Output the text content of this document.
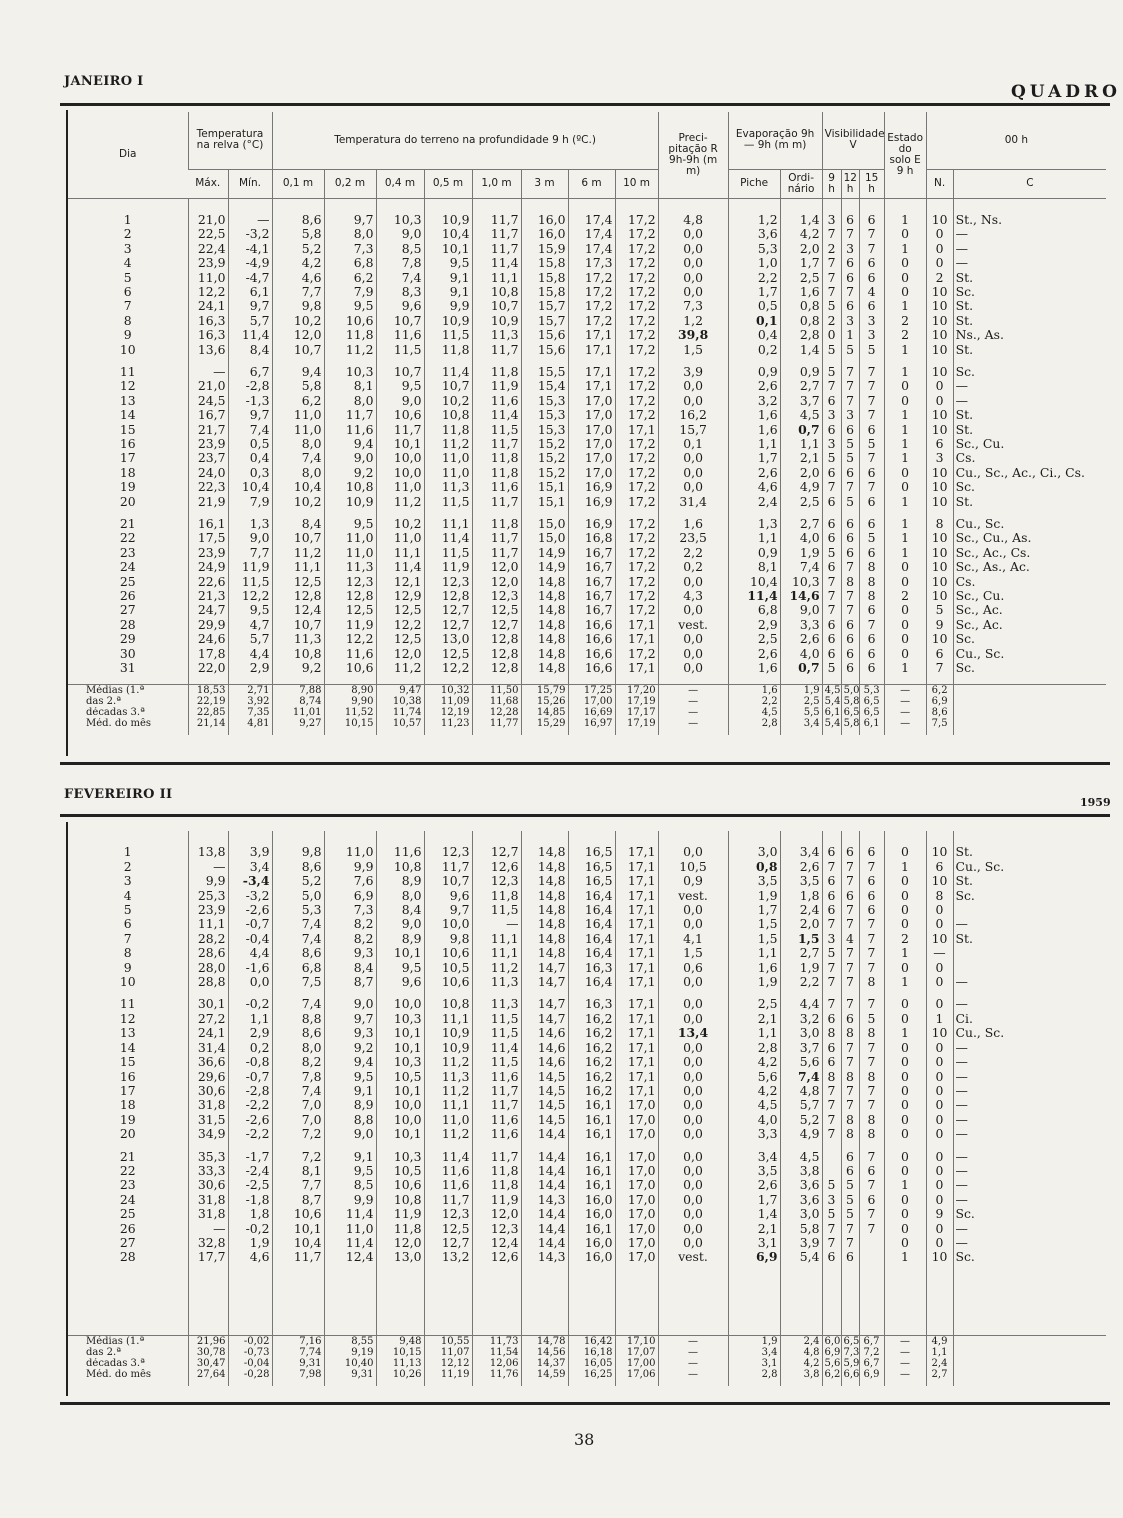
JANEIRO I
QUADRO
Dia	Temperatura na relva (°C)		Temperatura do terreno na profundidade 9 h (ºC.)								Preci- pitação R 9h-9h (m m)	Evaporação 9h — 9h (m m)		Visibilidade V			Estado do solo E 9 h	00 h	
	Máx.	Mín.	0,1 m	0,2 m	0,4 m	0,5 m	1,0 m	3 m	6 m	10 m		Piche	Ordi- nário	9 h	12 h	15 h		N.	C

1	21,0	—	8,6	9,7	10,3	10,9	11,7	16,0	17,4	17,2	4,8	1,2	1,4	3	6	6	1	10	St., Ns.
2	22,5	-3,2	5,8	8,0	9,0	10,4	11,7	16,0	17,4	17,2	0,0	3,6	4,2	7	7	7	0	0	—
3	22,4	-4,1	5,2	7,3	8,5	10,1	11,7	15,9	17,4	17,2	0,0	5,3	2,0	2	3	7	1	0	—
4	23,9	-4,9	4,2	6,8	7,8	9,5	11,4	15,8	17,3	17,2	0,0	1,0	1,7	7	6	6	0	0	—
5	11,0	-4,7	4,6	6,2	7,4	9,1	11,1	15,8	17,2	17,2	0,0	2,2	2,5	7	6	6	0	2	St.
6	12,2	6,1	7,7	7,9	8,3	9,1	10,8	15,8	17,2	17,2	0,0	1,7	1,6	7	7	4	0	10	Sc.
7	24,1	9,7	9,8	9,5	9,6	9,9	10,7	15,7	17,2	17,2	7,3	0,5	0,8	5	6	6	1	10	St.
8	16,3	5,7	10,2	10,6	10,7	10,9	10,9	15,7	17,2	17,2	1,2	0,1	0,8	2	3	3	2	10	St.
9	16,3	11,4	12,0	11,8	11,6	11,5	11,3	15,6	17,1	17,2	39,8	0,4	2,8	0	1	3	2	10	Ns., As.
10	13,6	8,4	10,7	11,2	11,5	11,8	11,7	15,6	17,1	17,2	1,5	0,2	1,4	5	5	5	1	10	St.

11	—	6,7	9,4	10,3	10,7	11,4	11,8	15,5	17,1	17,2	3,9	0,9	0,9	5	7	7	1	10	Sc.
12	21,0	-2,8	5,8	8,1	9,5	10,7	11,9	15,4	17,1	17,2	0,0	2,6	2,7	7	7	7	0	0	—
13	24,5	-1,3	6,2	8,0	9,0	10,2	11,6	15,3	17,0	17,2	0,0	3,2	3,7	6	7	7	0	0	—
14	16,7	9,7	11,0	11,7	10,6	10,8	11,4	15,3	17,0	17,2	16,2	1,6	4,5	3	3	7	1	10	St.
15	21,7	7,4	11,0	11,6	11,7	11,8	11,5	15,3	17,0	17,1	15,7	1,6	0,7	6	6	6	1	10	St.
16	23,9	0,5	8,0	9,4	10,1	11,2	11,7	15,2	17,0	17,2	0,1	1,1	1,1	3	5	5	1	6	Sc., Cu.
17	23,7	0,4	7,4	9,0	10,0	11,0	11,8	15,2	17,0	17,2	0,0	1,7	2,1	5	5	7	1	3	Cs.
18	24,0	0,3	8,0	9,2	10,0	11,0	11,8	15,2	17,0	17,2	0,0	2,6	2,0	6	6	6	0	10	Cu., Sc., Ac., Ci., Cs.
19	22,3	10,4	10,4	10,8	11,0	11,3	11,6	15,1	16,9	17,2	0,0	4,6	4,9	7	7	7	0	10	Sc.
20	21,9	7,9	10,2	10,9	11,2	11,5	11,7	15,1	16,9	17,2	31,4	2,4	2,5	6	5	6	1	10	St.

21	16,1	1,3	8,4	9,5	10,2	11,1	11,8	15,0	16,9	17,2	1,6	1,3	2,7	6	6	6	1	8	Cu., Sc.
22	17,5	9,0	10,7	11,0	11,0	11,4	11,7	15,0	16,8	17,2	23,5	1,1	4,0	6	6	5	1	10	Sc., Cu., As.
23	23,9	7,7	11,2	11,0	11,1	11,5	11,7	14,9	16,7	17,2	2,2	0,9	1,9	5	6	6	1	10	Sc., Ac., Cs.
24	24,9	11,9	11,1	11,3	11,4	11,9	12,0	14,9	16,7	17,2	0,2	8,1	7,4	6	7	8	0	10	Sc., As., Ac.
25	22,6	11,5	12,5	12,3	12,1	12,3	12,0	14,8	16,7	17,2	0,0	10,4	10,3	7	8	8	0	10	Cs.
26	21,3	12,2	12,8	12,8	12,9	12,8	12,3	14,8	16,7	17,2	4,3	11,4	14,6	7	7	8	2	10	Sc., Cu.
27	24,7	9,5	12,4	12,5	12,5	12,7	12,5	14,8	16,7	17,2	0,0	6,8	9,0	7	7	6	0	5	Sc., Ac.
28	29,9	4,7	10,7	11,9	12,2	12,7	12,7	14,8	16,6	17,1	vest.	2,9	3,3	6	6	7	0	9	Sc., Ac.
29	24,6	5,7	11,3	12,2	12,5	13,0	12,8	14,8	16,6	17,1	0,0	2,5	2,6	6	6	6	0	10	Sc.
30	17,8	4,4	10,8	11,6	12,0	12,5	12,8	14,8	16,6	17,2	0,0	2,6	4,0	6	6	6	0	6	Cu., Sc.
31	22,0	2,9	9,2	10,6	11,2	12,2	12,8	14,8	16,6	17,1	0,0	1,6	0,7	5	6	6	1	7	Sc.

Médias (1.ª	18,53	2,71	7,88	8,90	9,47	10,32	11,50	15,79	17,25	17,20	—	1,6	1,9	4,5	5,0	5,3	—	6,2	
das 2.ª	22,19	3,92	8,74	9,90	10,38	11,09	11,68	15,26	17,00	17,19	—	2,2	2,5	5,4	5,8	6,5	—	6,9	
décadas 3.ª	22,85	7,35	11,01	11,52	11,74	12,19	12,28	14,85	16,69	17,17	—	4,5	5,5	6,1	6,5	6,5	—	8,6	
Méd. do mês	21,14	4,81	9,27	10,15	10,57	11,23	11,77	15,29	16,97	17,19	—	2,8	3,4	5,4	5,8	6,1	—	7,5	

FEVEREIRO II
1959

1	13,8	3,9	9,8	11,0	11,6	12,3	12,7	14,8	16,5	17,1	0,0	3,0	3,4	6	6	6	0	10	St.
2	—	3,4	8,6	9,9	10,8	11,7	12,6	14,8	16,5	17,1	10,5	0,8	2,6	7	7	7	1	6	Cu., Sc.
3	9,9	-3,4	5,2	7,6	8,9	10,7	12,3	14,8	16,5	17,1	0,9	3,5	3,5	6	7	6	0	10	St.
4	25,3	-3,2	5,0	6,9	8,0	9,6	11,8	14,8	16,4	17,1	vest.	1,9	1,8	6	6	6	0	8	Sc.
5	23,9	-2,6	5,3	7,3	8,4	9,7	11,5	14,8	16,4	17,1	0,0	1,7	2,4	6	7	6	0	0	
6	11,1	-0,7	7,4	8,2	9,0	10,0	—	14,8	16,4	17,1	0,0	1,5	2,0	7	7	7	0	0	—
7	28,2	-0,4	7,4	8,2	8,9	9,8	11,1	14,8	16,4	17,1	4,1	1,5	1,5	3	4	7	2	10	St.
8	28,6	4,4	8,6	9,3	10,1	10,6	11,1	14,8	16,4	17,1	1,5	1,1	2,7	5	7	7	1	—	
9	28,0	-1,6	6,8	8,4	9,5	10,5	11,2	14,7	16,3	17,1	0,6	1,6	1,9	7	7	7	0	0	
10	28,8	0,0	7,5	8,7	9,6	10,6	11,3	14,7	16,4	17,1	0,0	1,9	2,2	7	7	8	1	0	—

11	30,1	-0,2	7,4	9,0	10,0	10,8	11,3	14,7	16,3	17,1	0,0	2,5	4,4	7	7	7	0	0	—
12	27,2	1,1	8,8	9,7	10,3	11,1	11,5	14,7	16,2	17,1	0,0	2,1	3,2	6	6	5	0	1	Ci.
13	24,1	2,9	8,6	9,3	10,1	10,9	11,5	14,6	16,2	17,1	13,4	1,1	3,0	8	8	8	1	10	Cu., Sc.
14	31,4	0,2	8,0	9,2	10,1	10,9	11,4	14,6	16,2	17,1	0,0	2,8	3,7	6	7	7	0	0	—
15	36,6	-0,8	8,2	9,4	10,3	11,2	11,5	14,6	16,2	17,1	0,0	4,2	5,6	6	7	7	0	0	—
16	29,6	-0,7	7,8	9,5	10,5	11,3	11,6	14,5	16,2	17,1	0,0	5,6	7,4	8	8	8	0	0	—
17	30,6	-2,8	7,4	9,1	10,1	11,2	11,7	14,5	16,2	17,1	0,0	4,2	4,8	7	7	7	0	0	—
18	31,8	-2,2	7,0	8,9	10,0	11,1	11,7	14,5	16,1	17,0	0,0	4,5	5,7	7	7	7	0	0	—
19	31,5	-2,6	7,0	8,8	10,0	11,0	11,6	14,5	16,1	17,0	0,0	4,0	5,2	7	8	8	0	0	—
20	34,9	-2,2	7,2	9,0	10,1	11,2	11,6	14,4	16,1	17,0	0,0	3,3	4,9	7	8	8	0	0	—

21	35,3	-1,7	7,2	9,1	10,3	11,4	11,7	14,4	16,1	17,0	0,0	3,4	4,5		6	7	0	0	—
22	33,3	-2,4	8,1	9,5	10,5	11,6	11,8	14,4	16,1	17,0	0,0	3,5	3,8		6	6	0	0	—
23	30,6	-2,5	7,7	8,5	10,6	11,6	11,8	14,4	16,1	17,0	0,0	2,6	3,6	5	5	7	1	0	—
24	31,8	-1,8	8,7	9,9	10,8	11,7	11,9	14,3	16,0	17,0	0,0	1,7	3,6	3	5	6	0	0	—
25	31,8	1,8	10,6	11,4	11,9	12,3	12,0	14,4	16,0	17,0	0,0	1,4	3,0	5	5	7	0	9	Sc.
26	—	-0,2	10,1	11,0	11,8	12,5	12,3	14,4	16,1	17,0	0,0	2,1	5,8	7	7	7	0	0	—
27	32,8	1,9	10,4	11,4	12,0	12,7	12,4	14,4	16,0	17,0	0,0	3,1	3,9	7	7		0	0	—
28	17,7	4,6	11,7	12,4	13,0	13,2	12,6	14,3	16,0	17,0	vest.	6,9	5,4	6	6		1	10	Sc.

Médias (1.ª	21,96	-0,02	7,16	8,55	9,48	10,55	11,73	14,78	16,42	17,10	—	1,9	2,4	6,0	6,5	6,7	—	4,9	
das 2.ª	30,78	-0,73	7,74	9,19	10,15	11,07	11,54	14,56	16,18	17,07	—	3,4	4,8	6,9	7,3	7,2	—	1,1	
décadas 3.ª	30,47	-0,04	9,31	10,40	11,13	12,12	12,06	14,37	16,05	17,00	—	3,1	4,2	5,6	5,9	6,7	—	2,4	
Méd. do mês	27,64	-0,28	7,98	9,31	10,26	11,19	11,76	14,59	16,25	17,06	—	2,8	3,8	6,2	6,6	6,9	—	2,7	

38
